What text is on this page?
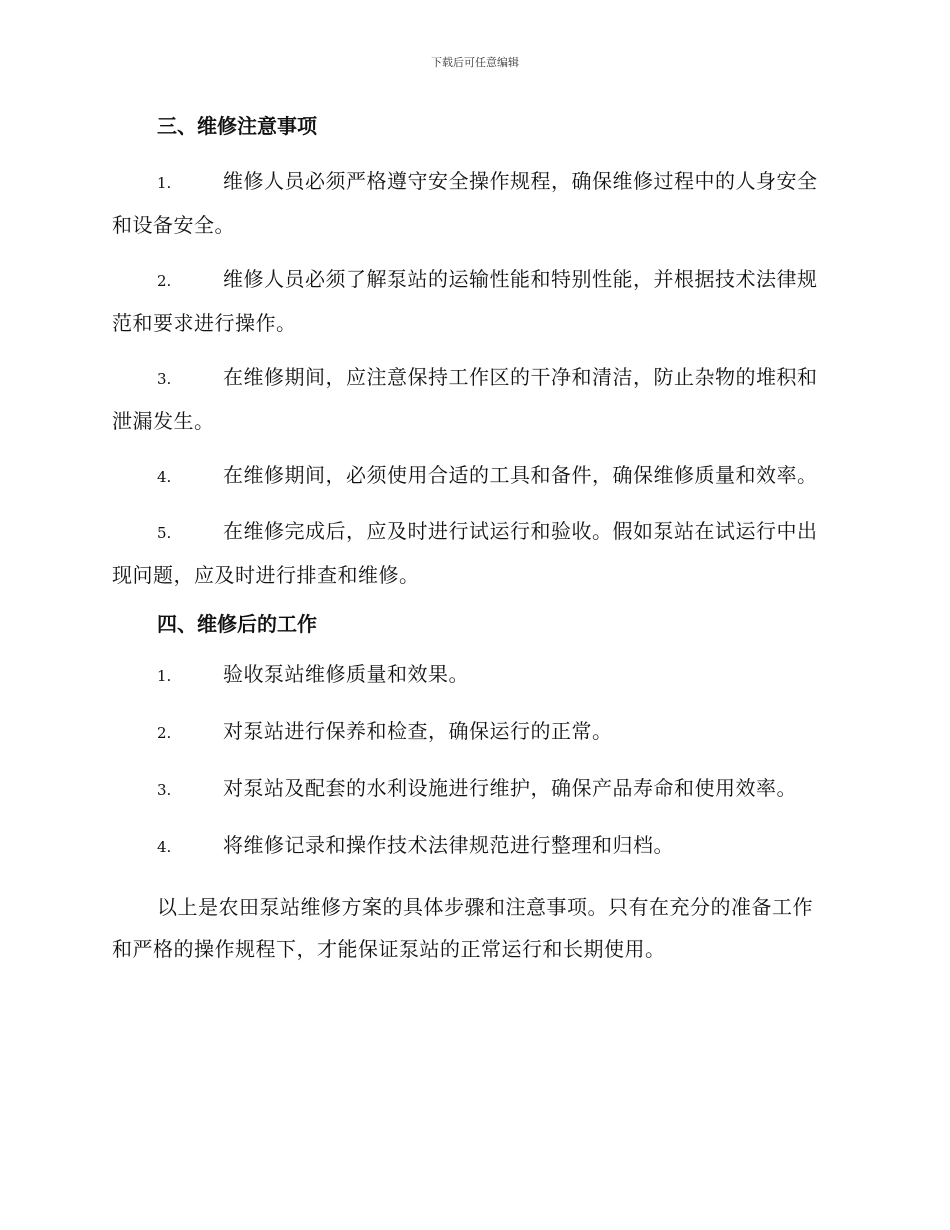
下载后可任意编辑
三、维修注意事项
1.	维修人员必须严格遵守安全操作规程，确保维修过程中的人身安全和设备安全。
2.	维修人员必须了解泵站的运输性能和特别性能，并根据技术法律规范和要求进行操作。
3.	在维修期间，应注意保持工作区的干净和清洁，防止杂物的堆积和泄漏发生。
4.	在维修期间，必须使用合适的工具和备件，确保维修质量和效率。
5.	在维修完成后，应及时进行试运行和验收。假如泵站在试运行中出现问题，应及时进行排查和维修。
四、维修后的工作
1.	验收泵站维修质量和效果。
2.	对泵站进行保养和检查，确保运行的正常。
3.	对泵站及配套的水利设施进行维护，确保产品寿命和使用效率。
4.	将维修记录和操作技术法律规范进行整理和归档。

以上是农田泵站维修方案的具体步骤和注意事项。只有在充分的准备工作和严格的操作规程下，才能保证泵站的正常运行和长期使用。
